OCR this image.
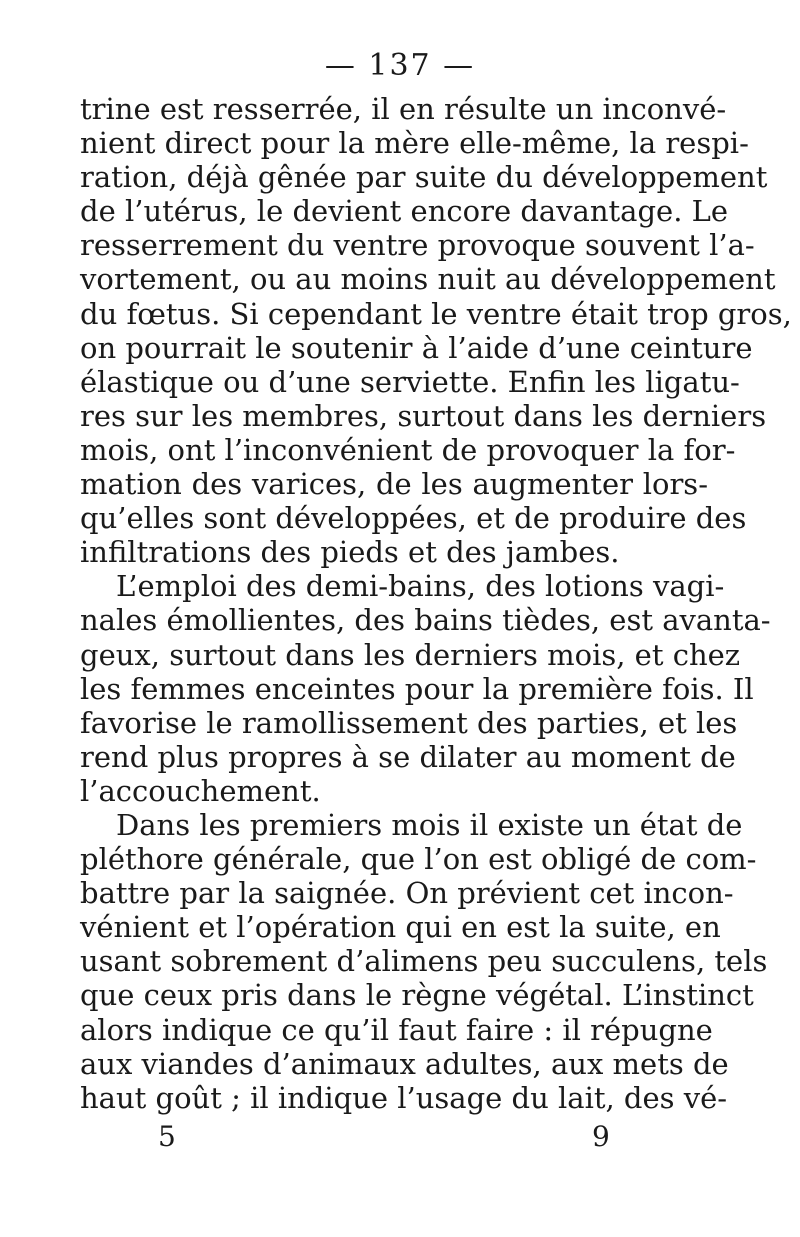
— 137 —
trine est resserrée, il en résulte un inconvé-
nient direct pour la mère elle-même, la respi-
ration, déjà gênée par suite du développement
de l’utérus, le devient encore davantage. Le
resserrement du ventre provoque souvent l’a-
vortement, ou au moins nuit au développement
du fœtus. Si cependant le ventre était trop gros,
on pourrait le soutenir à l’aide d’une ceinture
élastique ou d’une serviette. Enfin les ligatu-
res sur les membres, surtout dans les derniers
mois, ont l’inconvénient de provoquer la for-
mation des varices, de les augmenter lors-
qu’elles sont développées, et de produire des
infiltrations des pieds et des jambes.
L’emploi des demi-bains, des lotions vagi-
nales émollientes, des bains tièdes, est avanta-
geux, surtout dans les derniers mois, et chez
les femmes enceintes pour la première fois. Il
favorise le ramollissement des parties, et les
rend plus propres à se dilater au moment de
l’accouchement.
Dans les premiers mois il existe un état de
pléthore générale, que l’on est obligé de com-
battre par la saignée. On prévient cet incon-
vénient et l’opération qui en est la suite, en
usant sobrement d’alimens peu succulens, tels
que ceux pris dans le règne végétal. L’instinct
alors indique ce qu’il faut faire : il répugne
aux viandes d’animaux adultes, aux mets de
haut goût ; il indique l’usage du lait, des vé-
5	9
